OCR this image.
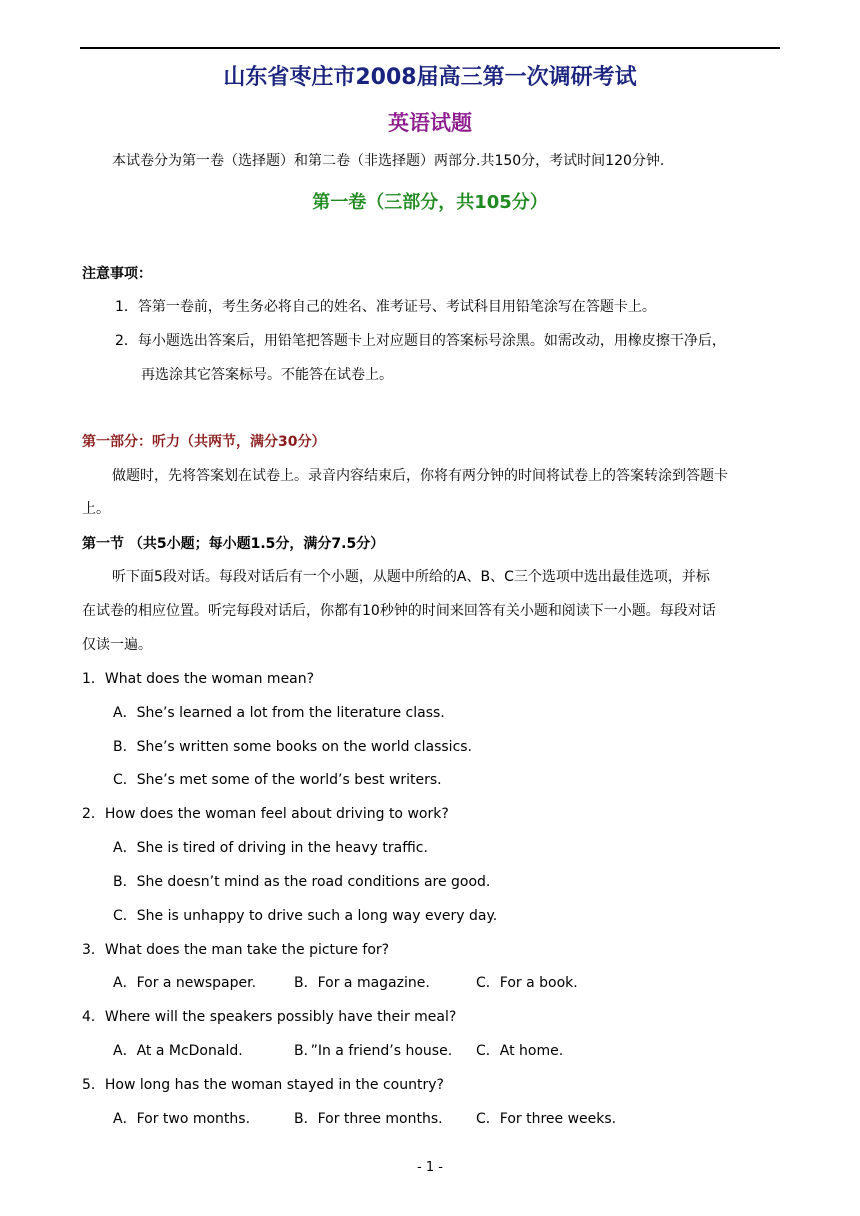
山东省枣庄市2008届高三第一次调研考试
英语试题
本试卷分为第一卷（选择题）和第二卷（非选择题）两部分.共150分，考试时间120分钟.
第一卷（三部分，共105分）
注意事项：
1．答第一卷前，考生务必将自己的姓名、准考证号、考试科目用铅笔涂写在答题卡上。
2．每小题选出答案后，用铅笔把答题卡上对应题目的答案标号涂黑。如需改动，用橡皮擦干净后，
再选涂其它答案标号。不能答在试卷上。
第一部分：听力（共两节，满分30分）
做题时，先将答案划在试卷上。录音内容结束后，你将有两分钟的时间将试卷上的答案转涂到答题卡
上。
第一节 （共5小题；每小题1.5分，满分7.5分）
听下面5段对话。每段对话后有一个小题，从题中所给的A、B、C三个选项中选出最佳选项，并标
在试卷的相应位置。听完每段对话后，你都有10秒钟的时间来回答有关小题和阅读下一小题。每段对话
仅读一遍。
1．What does the woman mean?
A．She’s learned a lot from the literature class.
B．She’s written some books on the world classics.
C．She’s met some of the world’s best writers.
2．How does the woman feel about driving to work?
A．She is tired of driving in the heavy traffic.
B．She doesn’t mind as the road conditions are good.
C．She is unhappy to drive such a long way every day.
3．What does the man take the picture for?
A．For a newspaper.	B．For a magazine.	C．For a book.
4．Where will the speakers possibly have their meal?
A．At a McDonald.	B．”In a friend’s house. C．At home.
5．How long has the woman stayed in the country?
A．For two months.	B．For three months. C．For three weeks.
- 1 -
